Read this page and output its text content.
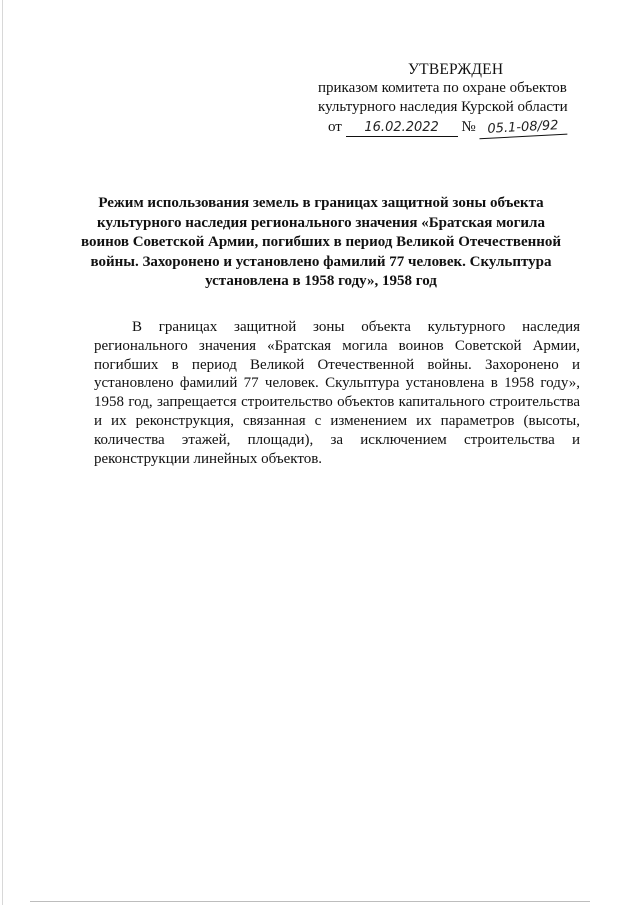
УТВЕРЖДЕН
приказом комитета по охране объектов
культурного наследия Курской области
от 16.02.2022 № 05.1-08/92
Режим использования земель в границах защитной зоны объекта
культурного наследия регионального значения «Братская могила
воинов Советской Армии, погибших в период Великой Отечественной
войны. Захоронено и установлено фамилий 77 человек. Скульптура
установлена в 1958 году», 1958 год
В границах защитной зоны объекта культурного наследия
регионального значения «Братская могила воинов Советской Армии,
погибших в период Великой Отечественной войны. Захоронено и
установлено фамилий 77 человек. Скульптура установлена в 1958 году»,
1958 год, запрещается строительство объектов капитального строительства
и их реконструкция, связанная с изменением их параметров (высоты,
количества этажей, площади), за исключением строительства и
реконструкции линейных объектов.
